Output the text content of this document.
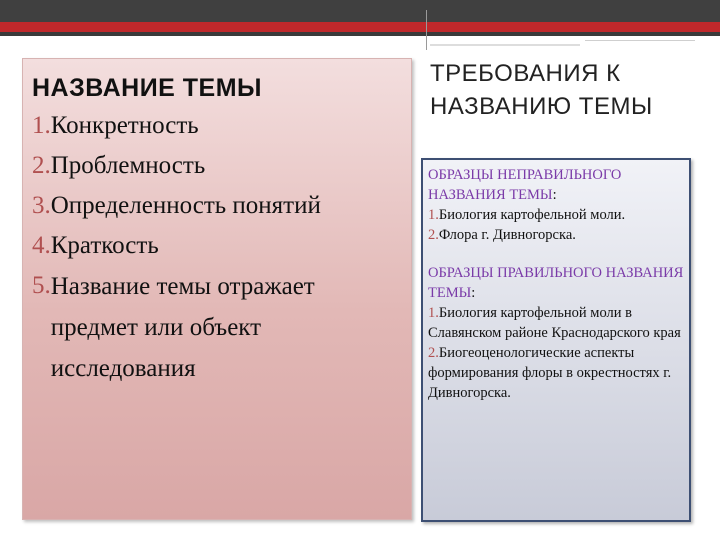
НАЗВАНИЕ ТЕМЫ
1. Конкретность
2. Проблемность
3. Определенность понятий
4. Краткость
5. Название темы отражает предмет или объект исследования
ТРЕБОВАНИЯ К НАЗВАНИЮ ТЕМЫ
ОБРАЗЦЫ НЕПРАВИЛЬНОГО НАЗВАНИЯ ТЕМЫ:
1.Биология картофельной моли.
2.Флора г. Дивногорска.
ОБРАЗЦЫ ПРАВИЛЬНОГО НАЗВАНИЯ ТЕМЫ:
1.Биология картофельной моли в Славянском районе Краснодарского края
2.Биогеоценологические аспекты формирования флоры в окрестностях г. Дивногорска.
